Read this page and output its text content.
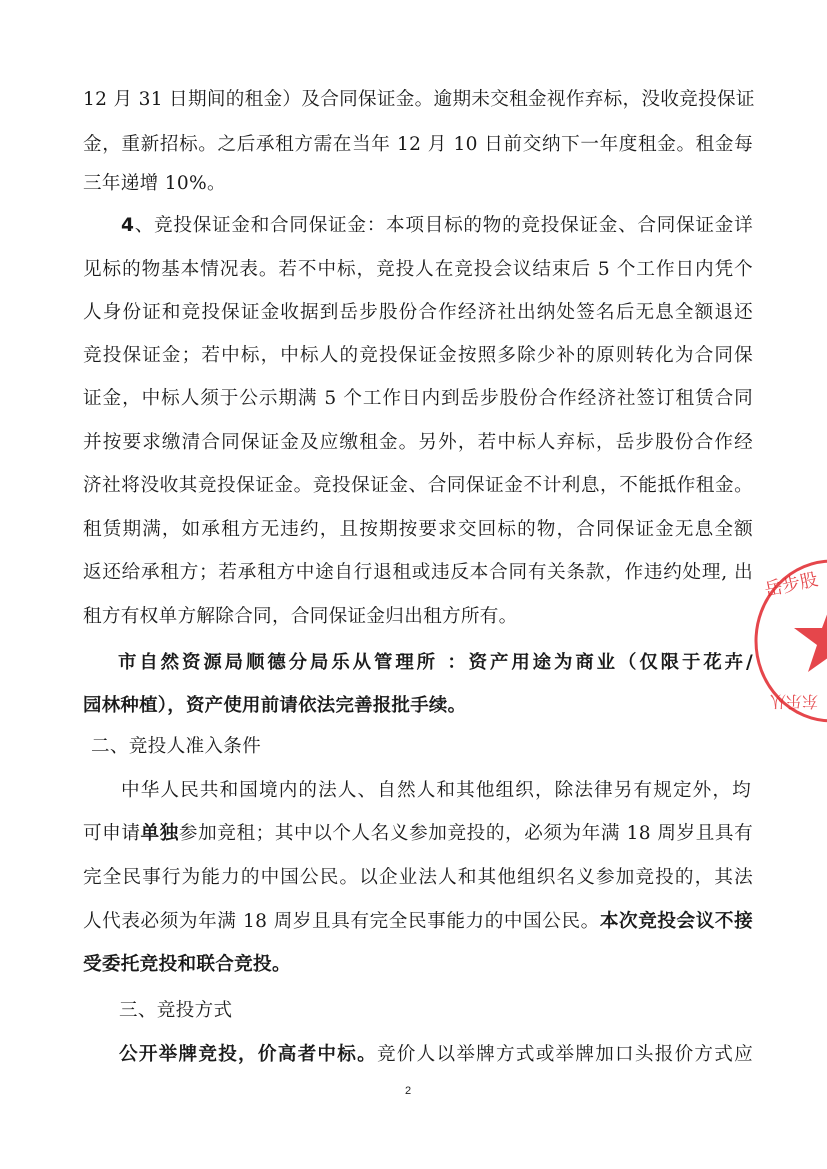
12 月 31 日期间的租金）及合同保证金。逾期未交租金视作弃标，没收竞投保证
金，重新招标。之后承租方需在当年 12 月 10 日前交纳下一年度租金。租金每
三年递增 10%。
4、竞投保证金和合同保证金：本项目标的物的竞投保证金、合同保证金详
见标的物基本情况表。若不中标，竞投人在竞投会议结束后 5 个工作日内凭个
人身份证和竞投保证金收据到岳步股份合作经济社出纳处签名后无息全额退还
竞投保证金；若中标，中标人的竞投保证金按照多除少补的原则转化为合同保
证金，中标人须于公示期满 5 个工作日内到岳步股份合作经济社签订租赁合同
并按要求缴清合同保证金及应缴租金。另外，若中标人弃标，岳步股份合作经
济社将没收其竞投保证金。竞投保证金、合同保证金不计利息，不能抵作租金。
租赁期满，如承租方无违约，且按期按要求交回标的物，合同保证金无息全额
返还给承租方；若承租方中途自行退租或违反本合同有关条款，作违约处理, 出
租方有权单方解除合同，合同保证金归出租方所有。
市自然资源局顺德分局乐从管理所 ：资产用途为商业（仅限于花卉/
园林种植），资产使用前请依法完善报批手续。
二、竞投人准入条件
中华人民共和国境内的法人、自然人和其他组织，除法律另有规定外，均
可申请单独参加竞租；其中以个人名义参加竞投的，必须为年满 18 周岁且具有
完全民事行为能力的中国公民。以企业法人和其他组织名义参加竞投的，其法
人代表必须为年满 18 周岁且具有完全民事能力的中国公民。本次竞投会议不接
受委托竞投和联合竞投。
三、竞投方式
公开举牌竞投，价高者中标。竞价人以举牌方式或举牌加口头报价方式应
2
岳步股
东乐从
